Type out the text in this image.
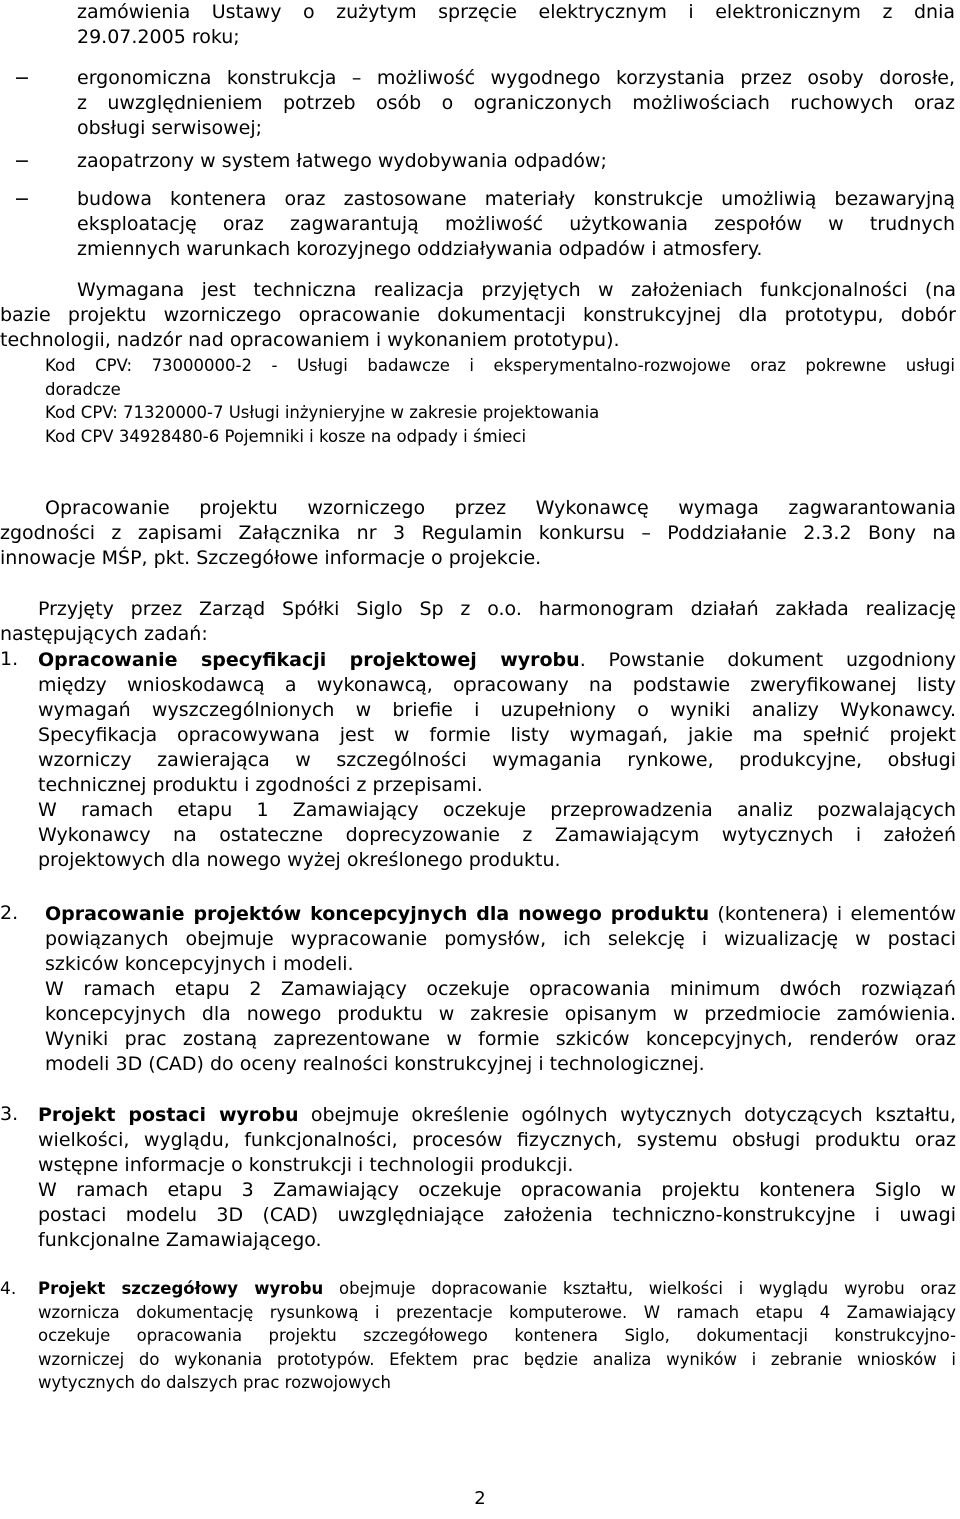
zamówienia Ustawy o zużytym sprzęcie elektrycznym i elektronicznym z dnia
29.07.2005 roku;
− ergonomiczna konstrukcja – możliwość wygodnego korzystania przez osoby dorosłe,
z uwzględnieniem potrzeb osób o ograniczonych możliwościach ruchowych oraz
obsługi serwisowej;
− zaopatrzony w system łatwego wydobywania odpadów;
− budowa kontenera oraz zastosowane materiały konstrukcje umożliwią bezawaryjną
eksploatację oraz zagwarantują możliwość użytkowania zespołów w trudnych
zmiennych warunkach korozyjnego oddziaływania odpadów i atmosfery.
Wymagana jest techniczna realizacja przyjętych w założeniach funkcjonalności (na
bazie projektu wzorniczego opracowanie dokumentacji konstrukcyjnej dla prototypu, dobór
technologii, nadzór nad opracowaniem i wykonaniem prototypu).
Kod CPV: 73000000-2 - Usługi badawcze i eksperymentalno-rozwojowe oraz pokrewne usługi
doradcze
Kod CPV: 71320000-7 Usługi inżynieryjne w zakresie projektowania
Kod CPV 34928480-6 Pojemniki i kosze na odpady i śmieci
Opracowanie projektu wzorniczego przez Wykonawcę wymaga zagwarantowania
zgodności z zapisami Załącznika nr 3 Regulamin konkursu – Poddziałanie 2.3.2 Bony na
innowacje MŚP, pkt. Szczegółowe informacje o projekcie.
Przyjęty przez Zarząd Spółki Siglo Sp z o.o. harmonogram działań zakłada realizację
następujących zadań:
1. Opracowanie specyfikacji projektowej wyrobu. Powstanie dokument uzgodniony
między wnioskodawcą a wykonawcą, opracowany na podstawie zweryfikowanej listy
wymagań wyszczególnionych w briefie i uzupełniony o wyniki analizy Wykonawcy.
Specyfikacja opracowywana jest w formie listy wymagań, jakie ma spełnić projekt
wzorniczy zawierająca w szczególności wymagania rynkowe, produkcyjne, obsługi
technicznej produktu i zgodności z przepisami.
W ramach etapu 1 Zamawiający oczekuje przeprowadzenia analiz pozwalających
Wykonawcy na ostateczne doprecyzowanie z Zamawiającym wytycznych i założeń
projektowych dla nowego wyżej określonego produktu.
2. Opracowanie projektów koncepcyjnych dla nowego produktu (kontenera) i elementów
powiązanych obejmuje wypracowanie pomysłów, ich selekcję i wizualizację w postaci
szkiców koncepcyjnych i modeli.
W ramach etapu 2 Zamawiający oczekuje opracowania minimum dwóch rozwiązań
koncepcyjnych dla nowego produktu w zakresie opisanym w przedmiocie zamówienia.
Wyniki prac zostaną zaprezentowane w formie szkiców koncepcyjnych, renderów oraz
modeli 3D (CAD) do oceny realności konstrukcyjnej i technologicznej.
3. Projekt postaci wyrobu obejmuje określenie ogólnych wytycznych dotyczących kształtu,
wielkości, wyglądu, funkcjonalności, procesów fizycznych, systemu obsługi produktu oraz
wstępne informacje o konstrukcji i technologii produkcji.
W ramach etapu 3 Zamawiający oczekuje opracowania projektu kontenera Siglo w
postaci modelu 3D (CAD) uwzględniające założenia techniczno-konstrukcyjne i uwagi
funkcjonalne Zamawiającego.
4. Projekt szczegółowy wyrobu obejmuje dopracowanie kształtu, wielkości i wyglądu wyrobu oraz
wzornicza dokumentację rysunkową i prezentacje komputerowe. W ramach etapu 4 Zamawiający
oczekuje opracowania projektu szczegółowego kontenera Siglo, dokumentacji konstrukcyjno-
wzorniczej do wykonania prototypów. Efektem prac będzie analiza wyników i zebranie wniosków i
wytycznych do dalszych prac rozwojowych
2
